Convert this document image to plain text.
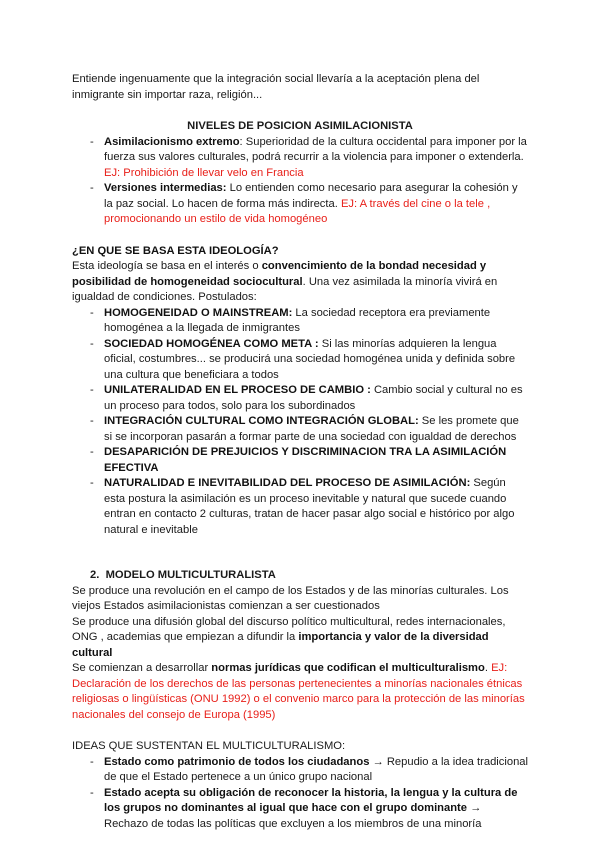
Entiende ingenuamente que la integración social llevaría a la aceptación plena del inmigrante sin importar raza, religión...

NIVELES DE POSICION ASIMILACIONISTA

- Asimilacionismo extremo: Superioridad de la cultura occidental para imponer por la fuerza sus valores culturales, podrá recurrir a la violencia para imponer o extenderla. EJ: Prohibición de llevar velo en Francia
- Versiones intermedias: Lo entienden como necesario para asegurar la cohesión y la paz social. Lo hacen de forma más indirecta. EJ: A través del cine o la tele , promocionando un estilo de vida homogéneo

¿EN QUE SE BASA ESTA IDEOLOGÍA?

Esta ideología se basa en el interés o convencimiento de la bondad necesidad y posibilidad de homogeneidad sociocultural. Una vez asimilada la minoría vivirá en igualdad de condiciones. Postulados:

- HOMOGENEIDAD O MAINSTREAM: La sociedad receptora era previamente homogénea a la llegada de inmigrantes
- SOCIEDAD HOMOGÉNEA COMO META : Si las minorías adquieren la lengua oficial, costumbres... se producirá una sociedad homogénea unida y definida sobre una cultura que beneficiara a todos
- UNILATERALIDAD EN EL PROCESO DE CAMBIO : Cambio social y cultural no es un proceso para todos, solo para los subordinados
- INTEGRACIÓN CULTURAL COMO INTEGRACIÓN GLOBAL: Se les promete que si se incorporan pasarán a formar parte de una sociedad con igualdad de derechos
- DESAPARICIÓN DE PREJUICIOS Y DISCRIMINACION TRA LA ASIMILACIÓN EFECTIVA
- NATURALIDAD E INEVITABILIDAD DEL PROCESO DE ASIMILACIÓN: Según esta postura la asimilación es un proceso inevitable y natural que sucede cuando entran en contacto 2 culturas, tratan de hacer pasar algo social e histórico por algo natural e inevitable

2. MODELO MULTICULTURALISTA

Se produce una revolución en el campo de los Estados y de las minorías culturales. Los viejos Estados asimilacionistas comienzan a ser cuestionados

Se produce una difusión global del discurso político multicultural, redes internacionales, ONG , academias que empiezan a difundir la importancia y valor de la diversidad cultural

Se comienzan a desarrollar normas jurídicas que codifican el multiculturalismo. EJ: Declaración de los derechos de las personas pertenecientes a minorías nacionales étnicas religiosas o lingüísticas (ONU 1992) o el convenio marco para la protección de las minorías nacionales del consejo de Europa (1995)

IDEAS QUE SUSTENTAN EL MULTICULTURALISMO:

- Estado como patrimonio de todos los ciudadanos → Repudio a la idea tradicional de que el Estado pertenece a un único grupo nacional
- Estado acepta su obligación de reconocer la historia, la lengua y la cultura de los grupos no dominantes al igual que hace con el grupo dominante → Rechazo de todas las políticas que excluyen a los miembros de una minoría
